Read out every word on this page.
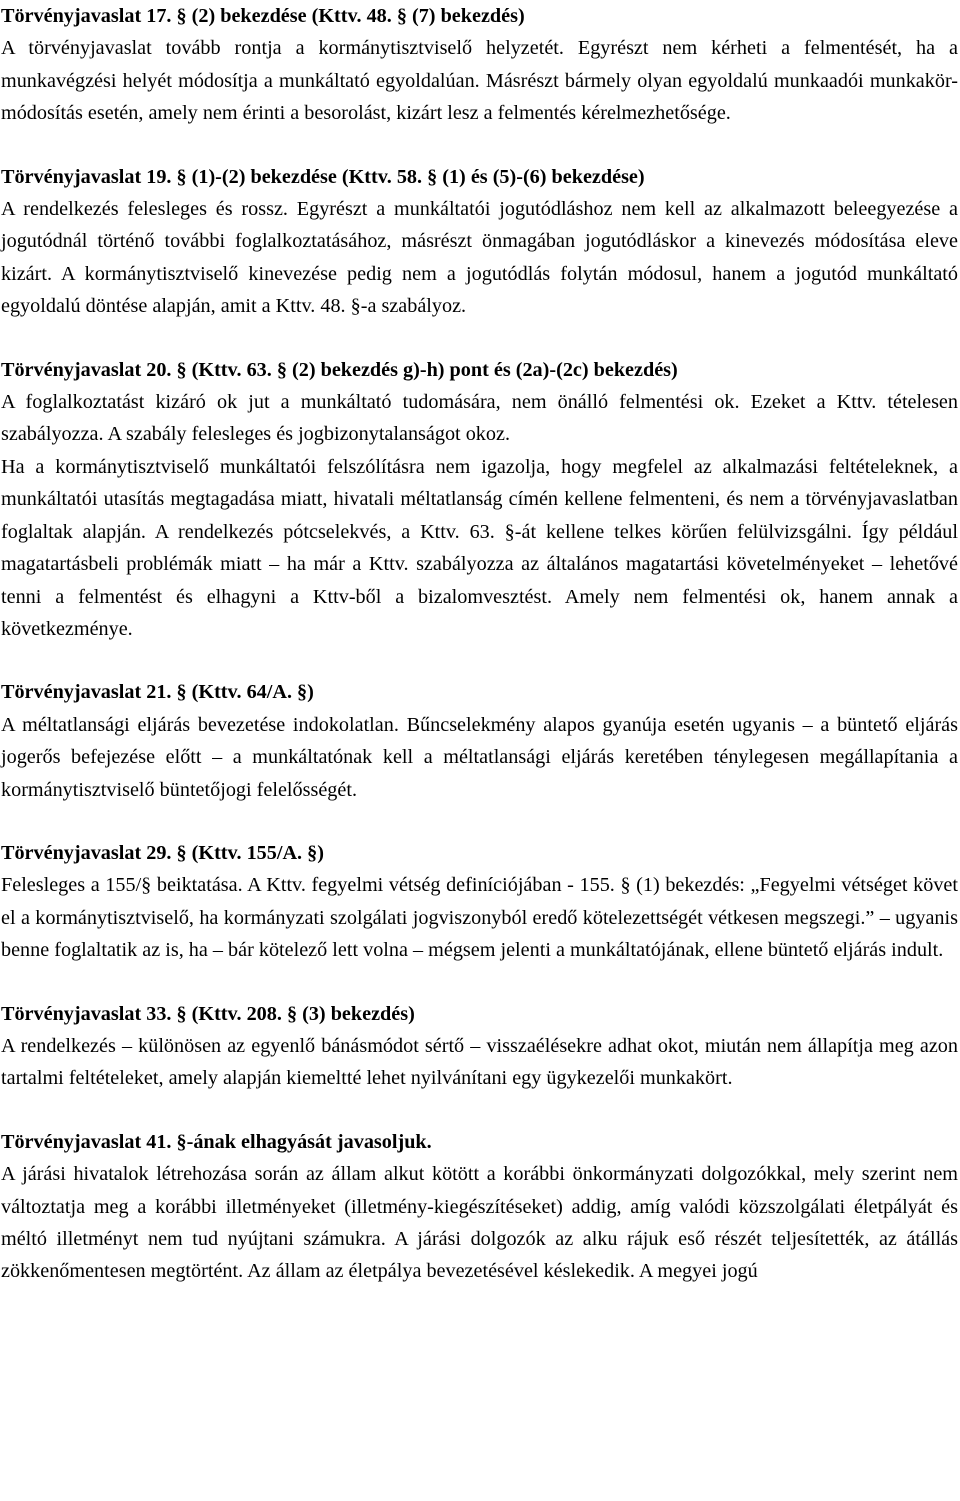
Törvényjavaslat 17. § (2) bekezdése (Kttv. 48. § (7) bekezdés)

A törvényjavaslat tovább rontja a kormánytisztviselő helyzetét. Egyrészt nem kérheti a felmentését, ha a munkavégzési helyét módosítja a munkáltató egyoldalúan. Másrészt bármely olyan egyoldalú munkaadói munkakör-módosítás esetén, amely nem érinti a besorolást, kizárt lesz a felmentés kérelmezhetősége.

Törvényjavaslat 19. § (1)-(2) bekezdése (Kttv. 58. § (1) és (5)-(6) bekezdése)

A rendelkezés felesleges és rossz. Egyrészt a munkáltatói jogutódláshoz nem kell az alkalmazott beleegyezése a jogutódnál történő további foglalkoztatásához, másrészt önmagában jogutódláskor a kinevezés módosítása eleve kizárt. A kormánytisztviselő kinevezése pedig nem a jogutódlás folytán módosul, hanem a jogutód munkáltató egyoldalú döntése alapján, amit a Kttv. 48. §-a szabályoz.

Törvényjavaslat 20. § (Kttv. 63. § (2) bekezdés g)-h) pont és (2a)-(2c) bekezdés)

A foglalkoztatást kizáró ok jut a munkáltató tudomására, nem önálló felmentési ok. Ezeket a Kttv. tételesen szabályozza. A szabály felesleges és jogbizonytalanságot okoz.

Ha a kormánytisztviselő munkáltatói felszólításra nem igazolja, hogy megfelel az alkalmazási feltételeknek, a munkáltatói utasítás megtagadása miatt, hivatali méltatlanság címén kellene felmenteni, és nem a törvényjavaslatban foglaltak alapján. A rendelkezés pótcselekvés, a Kttv. 63. §-át kellene telkes körűen felülvizsgálni. Így például magatartásbeli problémák miatt – ha már a Kttv. szabályozza az általános magatartási követelményeket – lehetővé tenni a felmentést és elhagyni a Kttv-ből a bizalomvesztést. Amely nem felmentési ok, hanem annak a következménye.

Törvényjavaslat 21. § (Kttv. 64/A. §)

A méltatlansági eljárás bevezetése indokolatlan. Bűncselekmény alapos gyanúja esetén ugyanis – a büntető eljárás jogerős befejezése előtt – a munkáltatónak kell a méltatlansági eljárás keretében ténylegesen megállapítania a kormánytisztviselő büntetőjogi felelősségét.

Törvényjavaslat 29. § (Kttv. 155/A. §)

Felesleges a 155/§ beiktatása. A Kttv. fegyelmi vétség definíciójában - 155. § (1) bekezdés: „Fegyelmi vétséget követ el a kormánytisztviselő, ha kormányzati szolgálati jogviszonyból eredő kötelezettségét vétkesen megszegi.” – ugyanis benne foglaltatik az is, ha – bár kötelező lett volna – mégsem jelenti a munkáltatójának, ellene büntető eljárás indult.

Törvényjavaslat 33. § (Kttv. 208. § (3) bekezdés)

A rendelkezés – különösen az egyenlő bánásmódot sértő – visszaélésekre adhat okot, miután nem állapítja meg azon tartalmi feltételeket, amely alapján kiemeltté lehet nyilvánítani egy ügykezelői munkakört.

Törvényjavaslat 41. §-ának elhagyását javasoljuk.

A járási hivatalok létrehozása során az állam alkut kötött a korábbi önkormányzati dolgozókkal, mely szerint nem változtatja meg a korábbi illetményeket (illetmény-kiegészítéseket) addig, amíg valódi közszolgálati életpályát és méltó illetményt nem tud nyújtani számukra. A járási dolgozók az alku rájuk eső részét teljesítették, az átállás zökkenőmentesen megtörtént. Az állam az életpálya bevezetésével késlekedik. A megyei jogú
